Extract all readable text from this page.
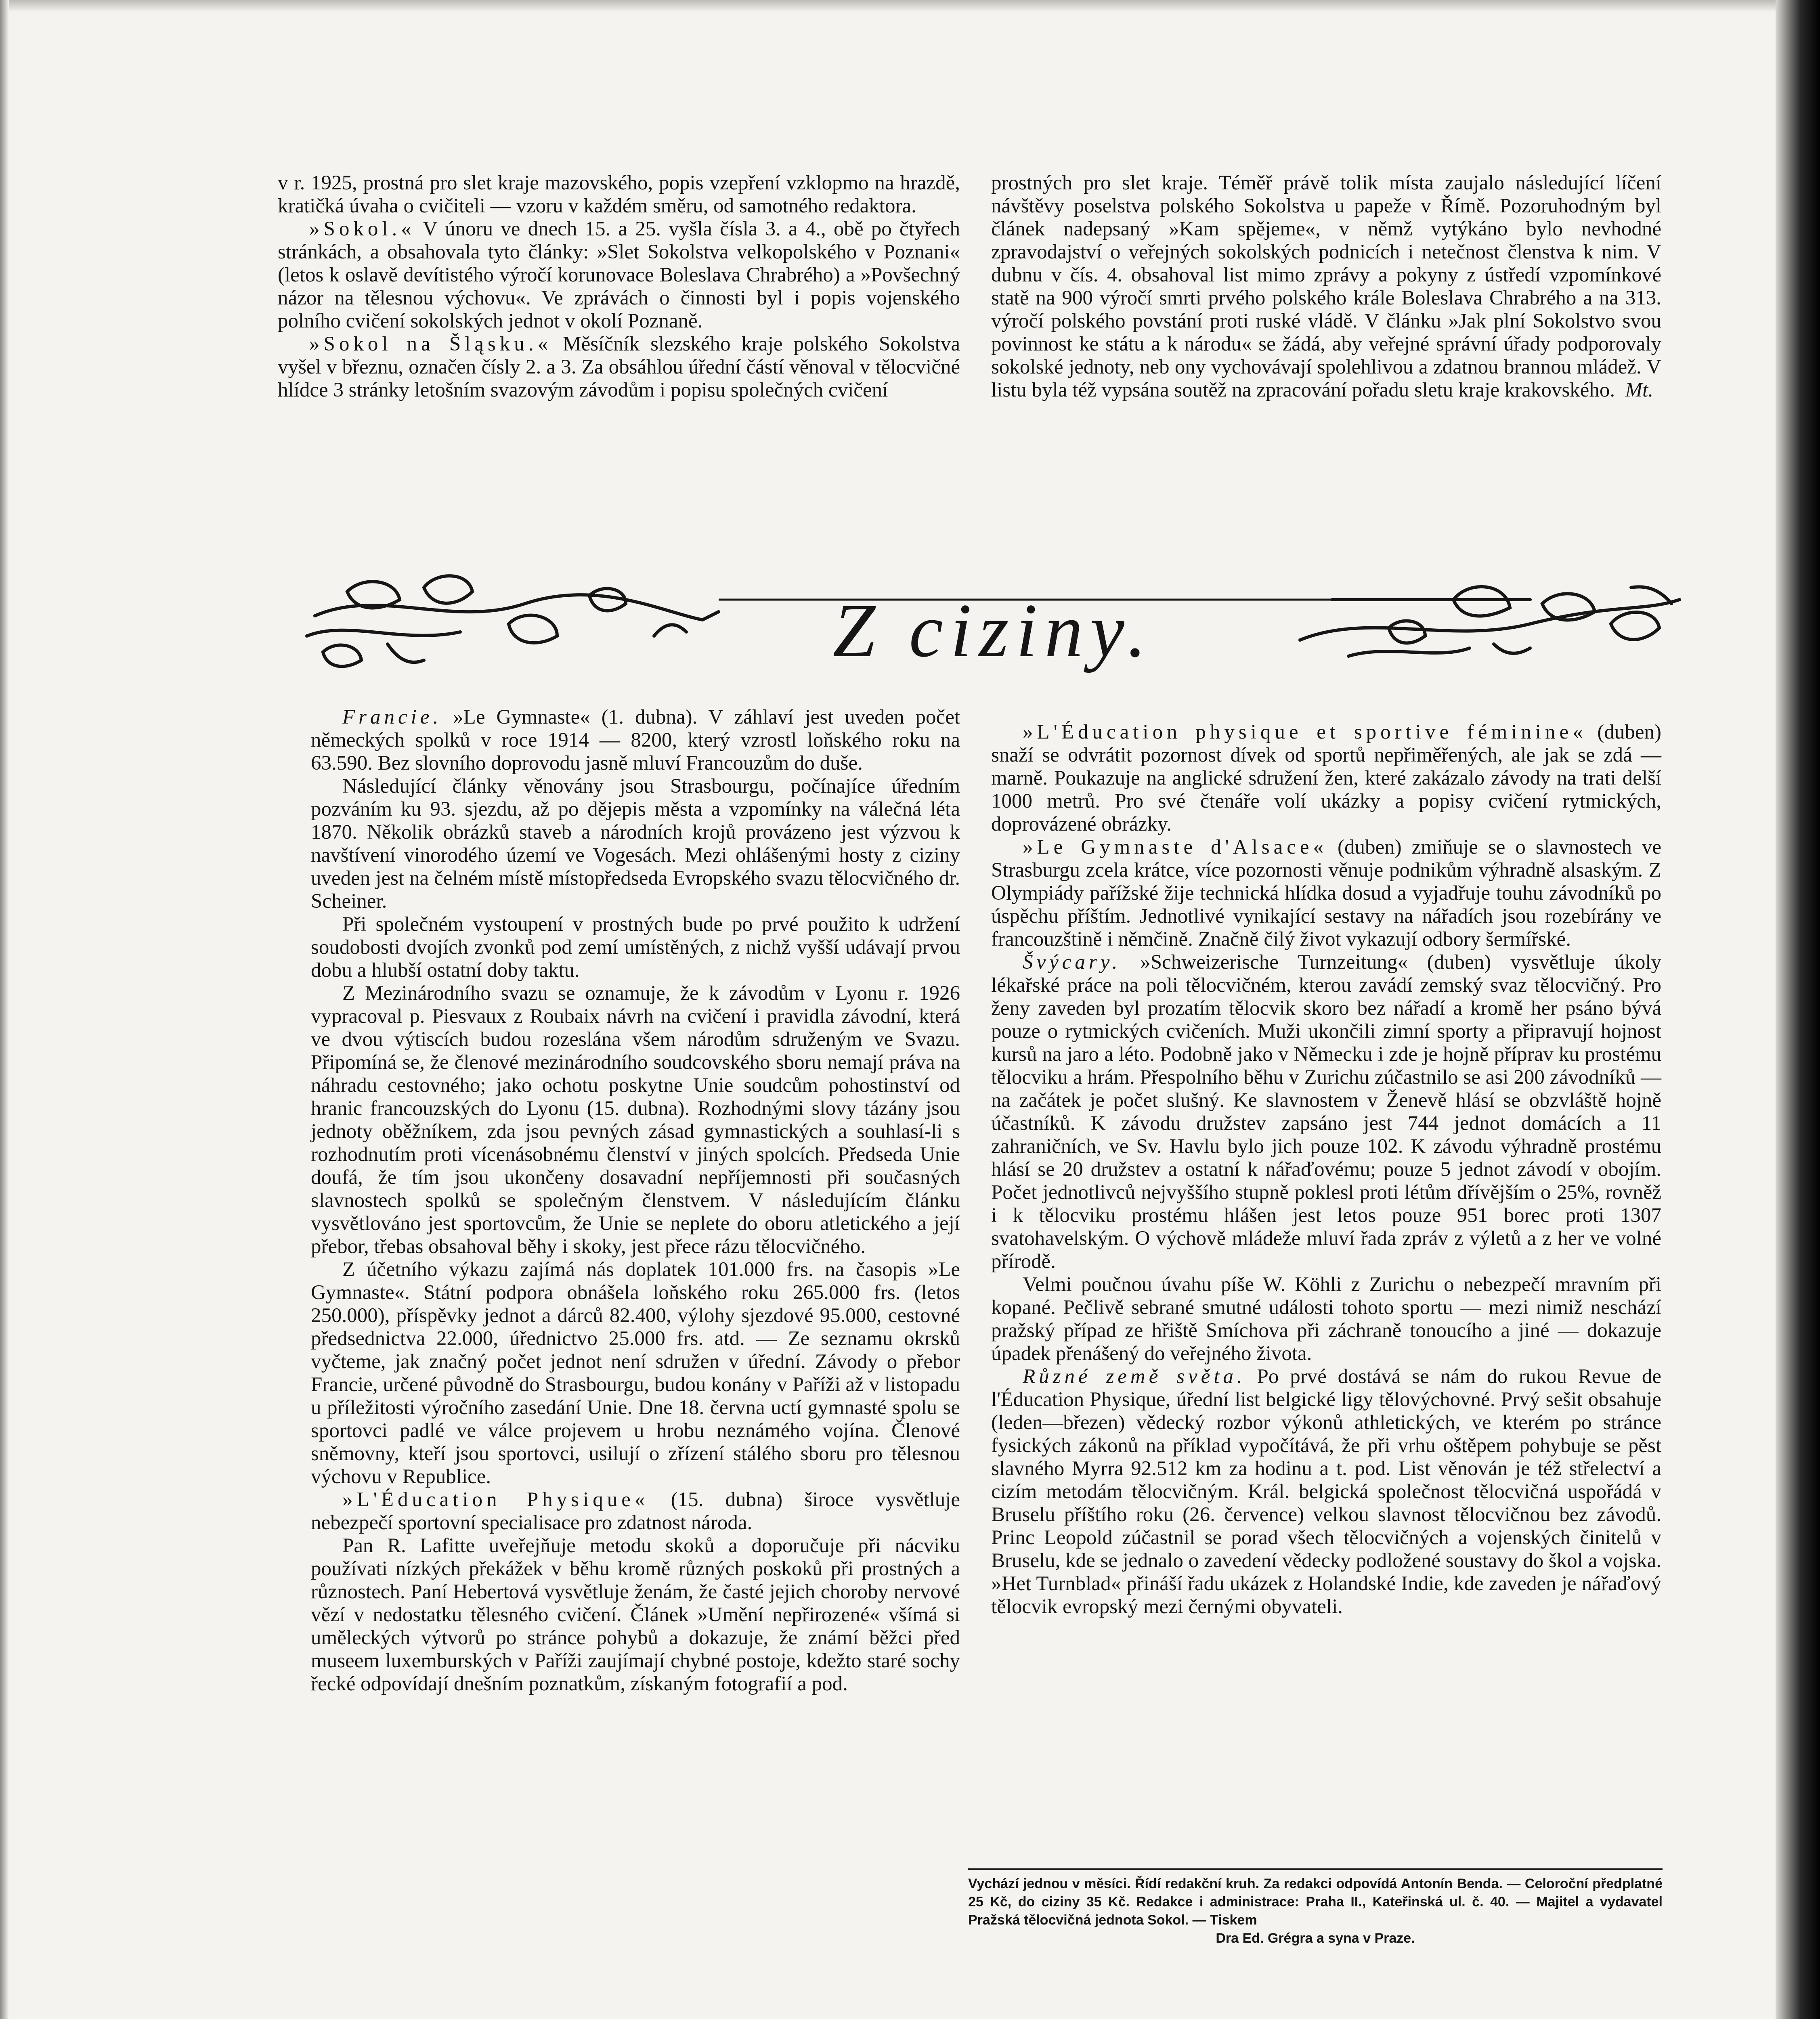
v r. 1925, prostná pro slet kraje mazovského, popis vzepření vzklopmo na hrazdě, kratičká úvaha o cvičiteli — vzoru v každém směru, od samotného redaktora.

»Sokol.« V únoru ve dnech 15. a 25. vyšla čísla 3. a 4., obě po čtyřech stránkách, a obsahovala tyto články: »Slet Sokolstva velkopolského v Poznani« (letos k oslavě devítistého výročí korunovace Boleslava Chrabrého) a »Povšechný názor na tělesnou výchovu«. Ve zprávách o činnosti byl i popis vojenského polního cvičení sokolských jednot v okolí Poznaně.

»Sokol na Šląsku.« Měsíčník slezského kraje polského Sokolstva vyšel v březnu, označen čísly 2. a 3. Za obsáhlou úřední částí věnoval v tělocvičné hlídce 3 stránky letošním svazovým závodům i popisu společných cvičení

prostných pro slet kraje. Téměř právě tolik místa zaujalo následující líčení návštěvy poselstva polského Sokolstva u papeže v Římě. Pozoruhodným byl článek nadepsaný »Kam spějeme«, v němž vytýkáno bylo nevhodné zpravodajství o veřejných sokolských podnicích i netečnost členstva k nim. V dubnu v čís. 4. obsahoval list mimo zprávy a pokyny z ústředí vzpomínkové statě na 900 výročí smrti prvého polského krále Boleslava Chrabrého a na 313. výročí polského povstání proti ruské vládě. V článku »Jak plní Sokolstvo svou povinnost ke státu a k národu« se žádá, aby veřejné správní úřady podporovaly sokolské jednoty, neb ony vychovávají spolehlivou a zdatnou brannou mládež. V listu byla též vypsána soutěž na zpracování pořadu sletu kraje krakovského. Mt.

Z ciziny.

Francie. »Le Gymnaste« (1. dubna). V záhlaví jest uveden počet německých spolků v roce 1914 — 8200, který vzrostl loňského roku na 63.590. Bez slovního doprovodu jasně mluví Francouzům do duše.

Následující články věnovány jsou Strasbourgu, počínajíce úředním pozváním ku 93. sjezdu, až po dějepis města a vzpomínky na válečná léta 1870. Několik obrázků staveb a národních krojů provázeno jest výzvou k navštívení vinorodého území ve Vogesách. Mezi ohlášenými hosty z ciziny uveden jest na čelném místě místopředseda Evropského svazu tělocvičného dr. Scheiner.

Při společném vystoupení v prostných bude po prvé použito k udržení soudobosti dvojích zvonků pod zemí umístěných, z nichž vyšší udávají prvou dobu a hlubší ostatní doby taktu.

Z Mezinárodního svazu se oznamuje, že k závodům v Lyonu r. 1926 vypracoval p. Piesvaux z Roubaix návrh na cvičení i pravidla závodní, která ve dvou výtiscích budou rozeslána všem národům sdruženým ve Svazu. Připomíná se, že členové mezinárodního soudcovského sboru nemají práva na náhradu cestovného; jako ochotu poskytne Unie soudcům pohostinství od hranic francouzských do Lyonu (15. dubna). Rozhodnými slovy tázány jsou jednoty oběžníkem, zda jsou pevných zásad gymnastických a souhlasí-li s rozhodnutím proti vícenásobnému členství v jiných spolcích. Předseda Unie doufá, že tím jsou ukončeny dosavadní nepříjemnosti při současných slavnostech spolků se společným členstvem. V následujícím článku vysvětlováno jest sportovcům, že Unie se neplete do oboru atletického a její přebor, třebas obsahoval běhy i skoky, jest přece rázu tělocvičného.

Z účetního výkazu zajímá nás doplatek 101.000 frs. na časopis »Le Gymnaste«. Státní podpora obnášela loňského roku 265.000 frs. (letos 250.000), příspěvky jednot a dárců 82.400, výlohy sjezdové 95.000, cestovné předsednictva 22.000, úřednictvo 25.000 frs. atd. — Ze seznamu okrsků vyčteme, jak značný počet jednot není sdružen v úřední. Závody o přebor Francie, určené původně do Strasbourgu, budou konány v Paříži až v listopadu u příležitosti výročního zasedání Unie. Dne 18. června uctí gymnasté spolu se sportovci padlé ve válce projevem u hrobu neznámého vojína. Členové sněmovny, kteří jsou sportovci, usilují o zřízení stálého sboru pro tělesnou výchovu v Republice.

»L'Éducation Physique« (15. dubna) široce vysvětluje nebezpečí sportovní specialisace pro zdatnost národa.

Pan R. Lafitte uveřejňuje metodu skoků a doporučuje při nácviku používati nízkých překážek v běhu kromě různých poskoků při prostných a různostech. Paní Hebertová vysvětluje ženám, že časté jejich choroby nervové vězí v nedostatku tělesného cvičení. Článek »Umění nepřirozené« všímá si uměleckých výtvorů po stránce pohybů a dokazuje, že známí běžci před museem luxemburských v Paříži zaujímají chybné postoje, kdežto staré sochy řecké odpovídají dnešním poznatkům, získaným fotografií a pod.

»L'Éducation physique et sportive féminine« (duben) snaží se odvrátit pozornost dívek od sportů nepřiměřených, ale jak se zdá — marně. Poukazuje na anglické sdružení žen, které zakázalo závody na trati delší 1000 metrů. Pro své čtenáře volí ukázky a popisy cvičení rytmických, doprovázené obrázky.

»Le Gymnaste d'Alsace« (duben) zmiňuje se o slavnostech ve Strasburgu zcela krátce, více pozornosti věnuje podnikům výhradně alsaským. Z Olympiády pařížské žije technická hlídka dosud a vyjadřuje touhu závodníků po úspěchu příštím. Jednotlivé vynikající sestavy na nářadích jsou rozebírány ve francouzštině i němčině. Značně čilý život vykazují odbory šermířské.

Švýcary. »Schweizerische Turnzeitung« (duben) vysvětluje úkoly lékařské práce na poli tělocvičném, kterou zavádí zemský svaz tělocvičný. Pro ženy zaveden byl prozatím tělocvik skoro bez nářadí a kromě her psáno bývá pouze o rytmických cvičeních. Muži ukončili zimní sporty a připravují hojnost kursů na jaro a léto. Podobně jako v Německu i zde je hojně příprav ku prostému tělocviku a hrám. Přespolního běhu v Zurichu zúčastnilo se asi 200 závodníků — na začátek je počet slušný. Ke slavnostem v Ženevě hlásí se obzvláště hojně účastníků. K závodu družstev zapsáno jest 744 jednot domácích a 11 zahraničních, ve Sv. Havlu bylo jich pouze 102. K závodu výhradně prostému hlásí se 20 družstev a ostatní k nářaďovému; pouze 5 jednot závodí v obojím. Počet jednotlivců nejvyššího stupně poklesl proti létům dřívějším o 25%, rovněž i k tělocviku prostému hlášen jest letos pouze 951 borec proti 1307 svatohavelským. O výchově mládeže mluví řada zpráv z výletů a z her ve volné přírodě.

Velmi poučnou úvahu píše W. Köhli z Zurichu o nebezpečí mravním při kopané. Pečlivě sebrané smutné události tohoto sportu — mezi nimiž neschází pražský případ ze hřiště Smíchova při záchraně tonoucího a jiné — dokazuje úpadek přenášený do veřejného života.

Různé země světa. Po prvé dostává se nám do rukou Revue de l'Éducation Physique, úřední list belgické ligy tělovýchovné. Prvý sešit obsahuje (leden—březen) vědecký rozbor výkonů athletických, ve kterém po stránce fysických zákonů na příklad vypočítává, že při vrhu oštěpem pohybuje se pěst slavného Myrra 92.512 km za hodinu a t. pod. List věnován je též střelectví a cizím metodám tělocvičným. Král. belgická společnost tělocvičná uspořádá v Bruselu příštího roku (26. července) velkou slavnost tělocvičnou bez závodů. Princ Leopold zúčastnil se porad všech tělocvičných a vojenských činitelů v Bruselu, kde se jednalo o zavedení vědecky podložené soustavy do škol a vojska. »Het Turnblad« přináší řadu ukázek z Holandské Indie, kde zaveden je nářaďový tělocvik evropský mezi černými obyvateli.

Vychází jednou v měsíci. Řídí redakční kruh. Za redakci odpovídá Antonín Benda. — Celoroční předplatné 25 Kč, do ciziny 35 Kč. Redakce i administrace: Praha II., Kateřinská ul. č. 40. — Majitel a vydavatel Pražská tělocvičná jednota Sokol. — Tiskem
Dra Ed. Grégra a syna v Praze.
